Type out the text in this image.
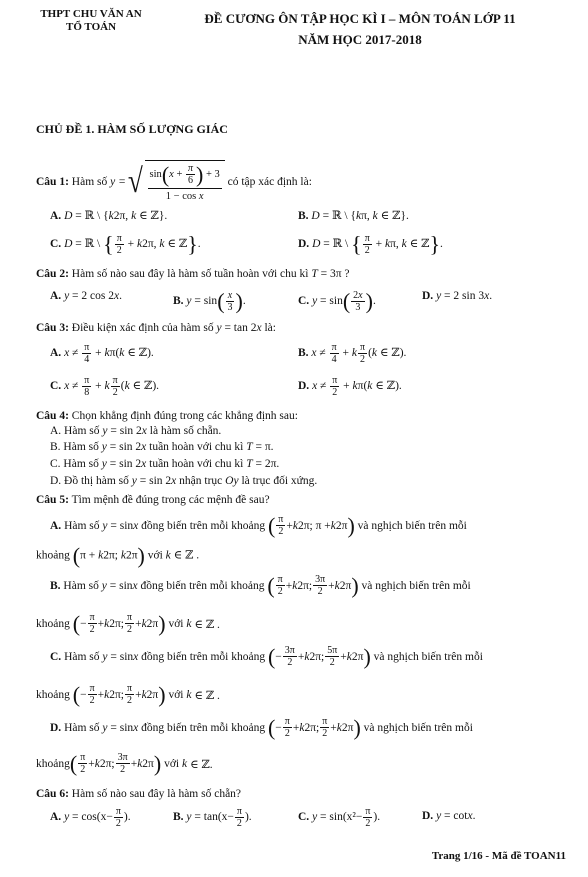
THPT CHU VĂN AN
TỔ TOÁN
ĐỀ CƯƠNG ÔN TẬP HỌC KÌ I – MÔN TOÁN LỚP 11
NĂM HỌC 2017-2018
CHỦ ĐỀ 1. HÀM SỐ LƯỢNG GIÁC
Câu 1:
Hàm số
y = √ sin ( $x + \frac{\pi}{6}$ ) + 3
1 − cos x

có tập xác định là:
A. D = ℝ \ {k2π, k ∈ ℤ}.	B. D = ℝ \ {kπ, k ∈ ℤ}.
C. D = ℝ \ { $\frac{\pi}{2} + k2\pi$, k ∈ ℤ}.	D. D = ℝ \ { $\frac{\pi}{2} + k\pi$, k ∈ ℤ}.
Câu 2: Hàm số nào sau đây là hàm số tuần hoàn với chu kì T = 3π ?
A. y = 2 cos 2x.	B. $y = \sin( \frac{x}{3}$ ).	C. $y = \sin( \frac{2x}{3}$ ).	D. y = 2 sin 3x.
Câu 3: Điều kiện xác định của hàm số y = tan 2x là:
A. $x \ne \frac{\pi}{4} + k\pi(k$ ∈ ℤ).	B. $x \ne \frac{\pi}{4} + k \frac{\pi}{2} (k$ ∈ ℤ).
C. $x \ne \frac{\pi}{8} + k \frac{\pi}{2} (k$ ∈ ℤ).	D. $x \ne \frac{\pi}{2} + k\pi(k$ ∈ ℤ).
Câu 4: Chọn khẳng định đúng trong các khẳng định sau:
A. Hàm số y = sin 2x là hàm số chẵn.
B. Hàm số y = sin 2x tuần hoàn với chu kì T = π.
C. Hàm số y = sin 2x tuần hoàn với chu kì T = 2π.
D. Đồ thị hàm số y = sin 2x nhận trục Oy là trục đối xứng.
Câu 5: Tìm mệnh đề đúng trong các mệnh đề sau?
A.
Hàm số
y = sin x
đồng biến trên mỗi khoảng
( $\frac{\pi}{2} + k$ 2π; π + k 2π )
và nghịch biến trên mỗi
khoảng (π + k2π; k2π) với k ∈ ℤ .
B.
Hàm số
y = sin x
đồng biến trên mỗi khoảng
( $\frac{\pi}{2} + k$ 2π; $\frac{3\pi}{2} + k$ 2π )
và nghịch biến trên mỗi
khoảng
( − $\frac{\pi}{2} + k$ 2π; $\frac{\pi}{2} + k$ 2π )
với
k ∈ ℤ .
C.
Hàm số
y = sin x
đồng biến trên mỗi khoảng
( − $\frac{3\pi}{2} + k$ 2π; $\frac{5\pi}{2} + k$ 2π )
và nghịch biến trên mỗi
khoảng
( − $\frac{\pi}{2} + k$ 2π; $\frac{\pi}{2} + k$ 2π )
với
k ∈ ℤ .
D.
Hàm số
y = sin x
đồng biến trên mỗi khoảng
( − $\frac{\pi}{2} + k$ 2π; $\frac{\pi}{2} + k$ 2π )
và nghịch biến trên mỗi
khoảng ( $\frac{\pi}{2} + k$ 2π; $\frac{3\pi}{2} + k$ 2π )
với
k ∈ ℤ.
Câu 6: Hàm số nào sau đây là hàm số chẵn?
A. $y = \cos(x- \frac{\pi}{2}$ ).	B. $y = \tan(x- \frac{\pi}{2}$ ).	C. $y = \sin(x^2- \frac{\pi}{2}$ ).	D. y = cotx.
Trang 1/16 - Mã đề TOAN11
